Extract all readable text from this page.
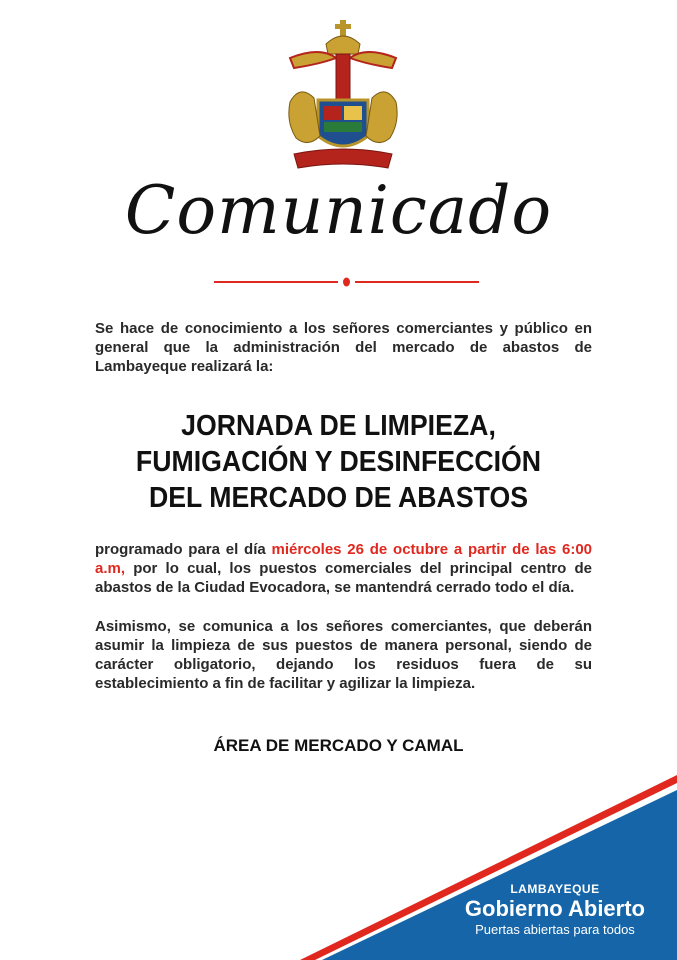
Comunicado
Se hace de conocimiento a los señores comerciantes y público en general que la administración del mercado de abastos de Lambayeque realizará la:
JORNADA DE LIMPIEZA,
FUMIGACIÓN Y DESINFECCIÓN
DEL MERCADO DE ABASTOS
programado para el día miércoles 26 de octubre a partir de las 6:00 a.m, por lo cual, los puestos comerciales del principal centro de abastos de la Ciudad Evocadora, se mantendrá cerrado todo el día.
Asimismo, se comunica a los señores comerciantes, que deberán asumir la limpieza de sus puestos de manera personal, siendo de carácter obligatorio, dejando los residuos fuera de su establecimiento a fin de facilitar y agilizar la limpieza.
ÁREA DE MERCADO Y CAMAL
LAMBAYEQUE
Gobierno Abierto
Puertas abiertas para todos
